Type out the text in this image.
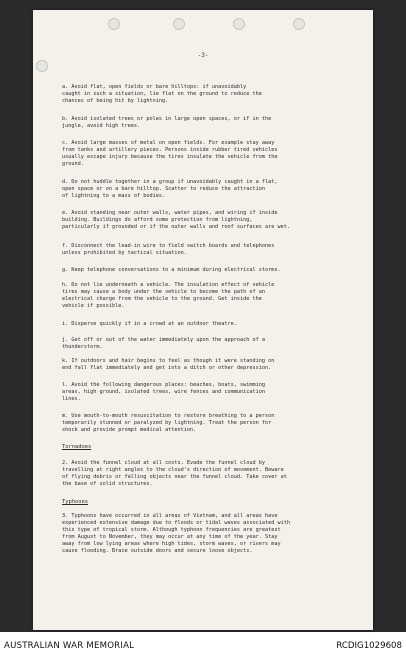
-3-
a. Avoid flat, open fields or bare hilltops: if unavoidably
caught in such a situation, lie flat on the ground to reduce the
chances of being hit by lightning.
b. Avoid isolated trees or poles in large open spaces, or if in the
jungle, avoid high trees.
c. Avoid large masses of metal on open fields. For example stay away
from tanks and artillery pieces. Persons inside rubber tired vehicles
usually escape injury because the tires insulate the vehicle from the
ground.
d. Do not huddle together in a group if unavoidably caught in a flat,
open space or on a bare hilltop. Scatter to reduce the attraction
of lightning to a mass of bodies.
e. Avoid standing near outer walls, water pipes, and wiring if inside
building. Buildings do afford some protection from lightning,
particularly if grounded or if the outer walls and roof surfaces are wet.
f. Disconnect the lead-in wire to field switch boards and telephones
unless prohibited by tactical situation.
g. Keep telephone conversations to a minimum during electrical storms.
h. Do not lie underneath a vehicle. The insulation effect of vehicle
tires may cause a body under the vehicle to become the path of an
electrical charge from the vehicle to the ground. Get inside the
vehicle if possible.
i. Disperse quickly if in a crowd at an outdoor theatre.
j. Get off or out of the water immediately upon the approach of a
thunderstorm.
k. If outdoors and hair begins to feel as though it were standing on
end fall flat immediately and get into a ditch or other depression.
l. Avoid the following dangerous places: beaches, boats, swimming
areas, high ground, isolated trees, wire fences and communication
lines.
m. Use mouth-to-mouth resuscitation to restore breathing to a person
temporarily stunned or paralyzed by lightning. Treat the person for
shock and provide prompt medical attention.
Tornadoes
2. Avoid the funnel cloud at all costs. Evade the funnel cloud by
travelling at right angles to the cloud's direction of movement. Beware
of flying debris or falling objects near the funnel cloud. Take cover at
the base of solid structures.
Typhoons
3. Typhoons have occurred in all areas of Vietnam, and all areas have
experienced extensive damage due to floods or tidal waves associated with
this type of tropical storm. Although typhoon frequencies are greatest
from August to November, they may occur at any time of the year. Stay
away from low lying areas where high tides, storm waves, or rivers may
cause flooding. Brace outside doors and secure loose objects.
AUSTRALIAN WAR MEMORIAL	RCDIG1029608
